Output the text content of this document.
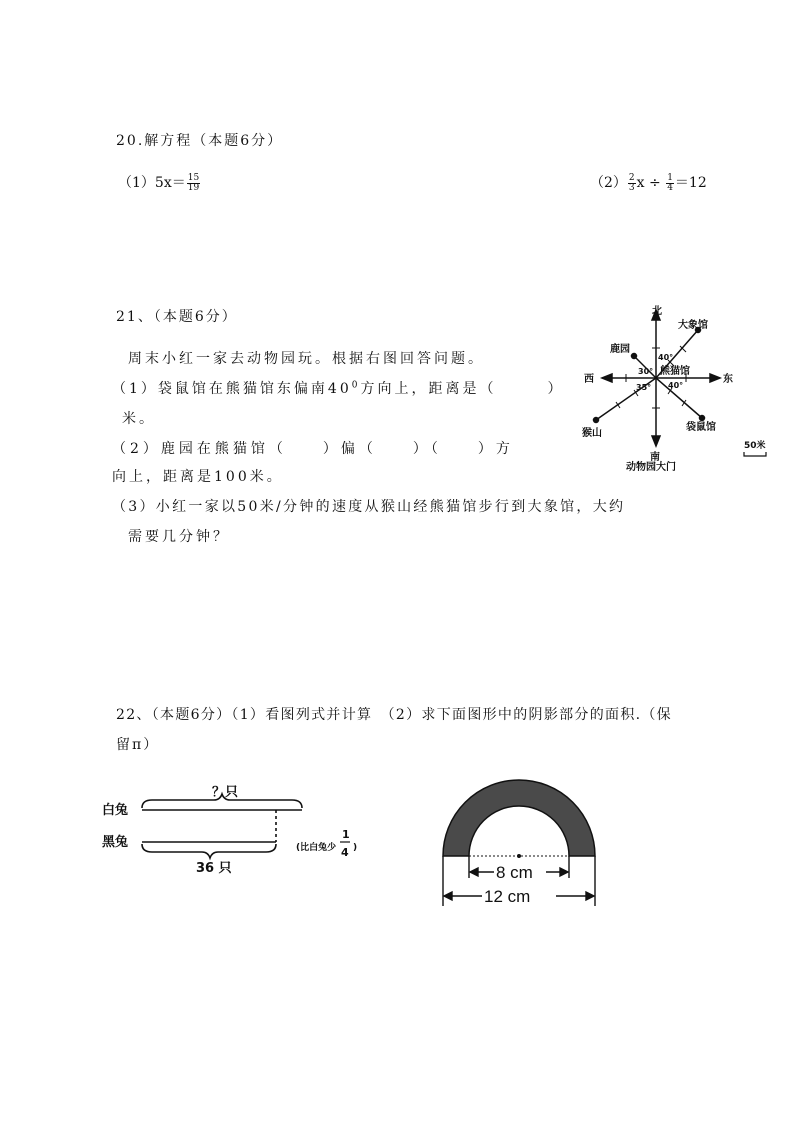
20.解方程（本题6分）
$(1)5x= \frac{15}{19}$	$(2) \frac{2}{3}$ $x \div \frac{1}{4} =12$
21、（本题6分）
周末小红一家去动物园玩。根据右图回答问题。
（1）袋鼠馆在熊猫馆东偏南$40^0$方向上，距离是（　　　）
米。
（2）鹿园在熊猫馆（　　）偏（　　）（　　）方
向上，距离是100米。
（3）小红一家以50米/分钟的速度从猴山经熊猫馆步行到大象馆，大约
需要几分钟？
北
南
东
西
大象馆
鹿园
熊猫馆
猴山
袋鼠馆
动物园大门
30°
40°
35° 40°
50米
22、（本题6分）（1）看图列式并计算　（2）求下面图形中的阴影部分的面积.（保
留π）
白兔
黑兔
？只
36 只
(比白兔少
1
4 )
8 cm
12 cm
